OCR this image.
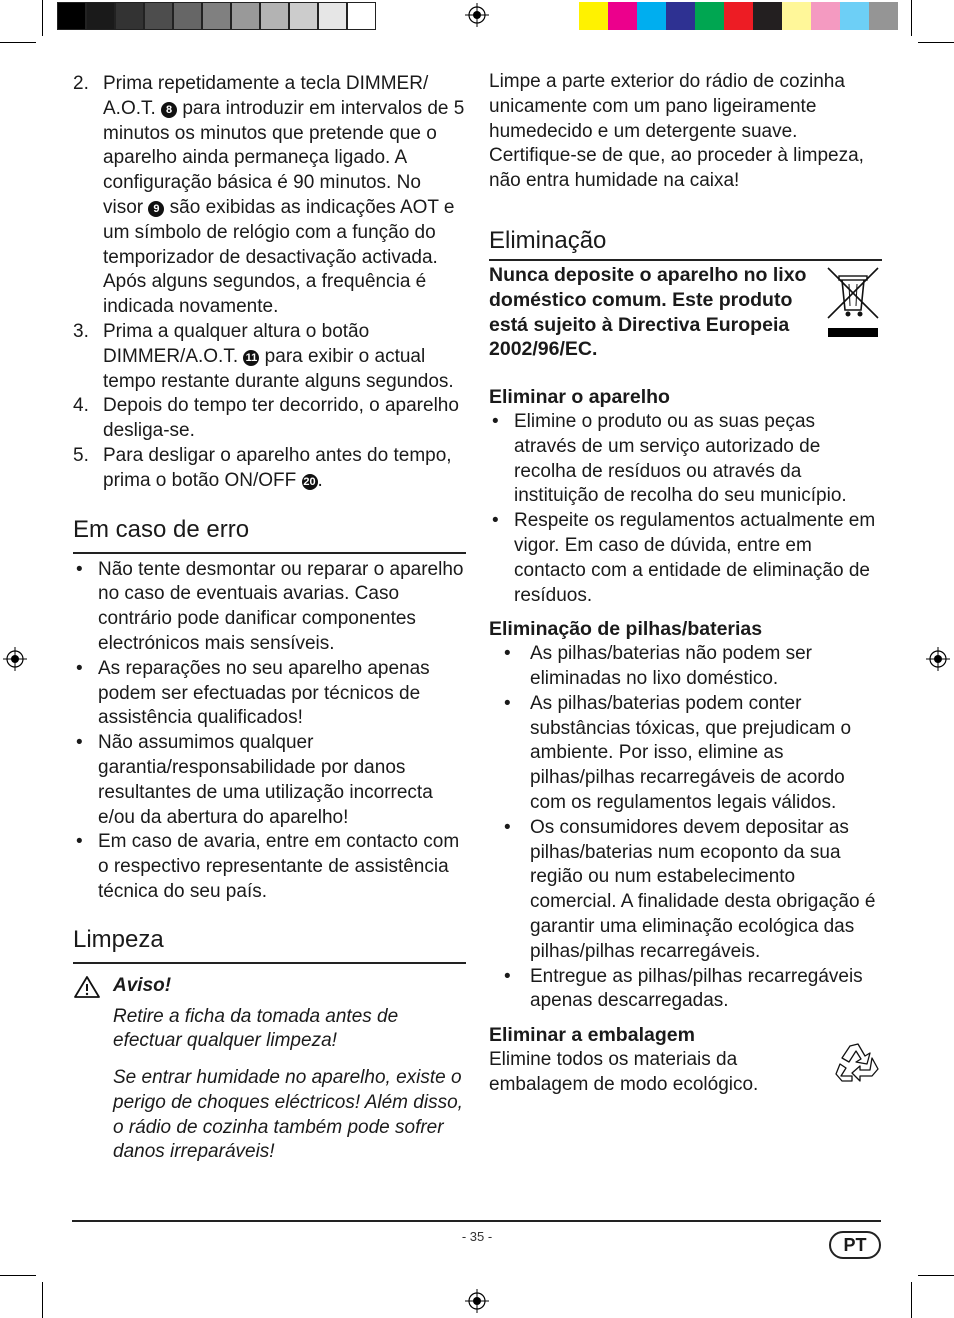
2. Prima repetidamente a tecla DIMMER/ A.O.T. 8 para introduzir em intervalos de 5 minutos os minutos que pretende que o aparelho ainda permaneça ligado. A configuração básica é 90 minutos. No visor 9 são exibidas as indicações AOT e um símbolo de relógio com a função do temporizador de desactivação activada. Após alguns segundos, a frequência é indicada novamente.
3. Prima a qualquer altura o botão DIMMER/A.O.T. 11 para exibir o actual tempo restante durante alguns segundos.
4. Depois do tempo ter decorrido, o aparelho desliga-se.
5. Para desligar o aparelho antes do tempo, prima o botão ON/OFF 20.
Em caso de erro
• Não tente desmontar ou reparar o aparelho no caso de eventuais avarias. Caso contrário pode danificar componentes electrónicos mais sensíveis.
• As reparações no seu aparelho apenas podem ser efectuadas por técnicos de assistência qualificados!
• Não assumimos qualquer garantia/responsabilidade por danos resultantes de uma utilização incorrecta e/ou da abertura do aparelho!
• Em caso de avaria, entre em contacto com o respectivo representante de assistência técnica do seu país.
Limpeza

Aviso!

Retire a ficha da tomada antes de efectuar qualquer limpeza!

Se entrar humidade no aparelho, existe o perigo de choques eléctricos! Além disso, o rádio de cozinha também pode sofrer danos irreparáveis!

Limpe a parte exterior do rádio de cozinha unicamente com um pano ligeiramente humedecido e um detergente suave. Certifique-se de que, ao proceder à limpeza, não entra humidade na caixa!

Eliminação

Nunca deposite o aparelho no lixo doméstico comum. Este produto está sujeito à Directiva Europeia 2002/96/EC.

Eliminar o aparelho
• Elimine o produto ou as suas peças através de um serviço autorizado de recolha de resíduos ou através da instituição de recolha do seu município.
• Respeite os regulamentos actualmente em vigor. Em caso de dúvida, entre em contacto com a entidade de eliminação de resíduos.
Eliminação de pilhas/baterias
• As pilhas/baterias não podem ser eliminadas no lixo doméstico.
• As pilhas/baterias podem conter substâncias tóxicas, que prejudicam o ambiente. Por isso, elimine as pilhas/pilhas recarregáveis de acordo com os regulamentos legais válidos.
• Os consumidores devem depositar as pilhas/baterias num ecoponto da sua região ou num estabelecimento comercial. A finalidade desta obrigação é garantir uma eliminação ecológica das pilhas/pilhas recarregáveis.
• Entregue as pilhas/pilhas recarregáveis apenas descarregadas.
Eliminar a embalagem

Elimine todos os materiais da embalagem de modo ecológico.

- 35 -	PT
